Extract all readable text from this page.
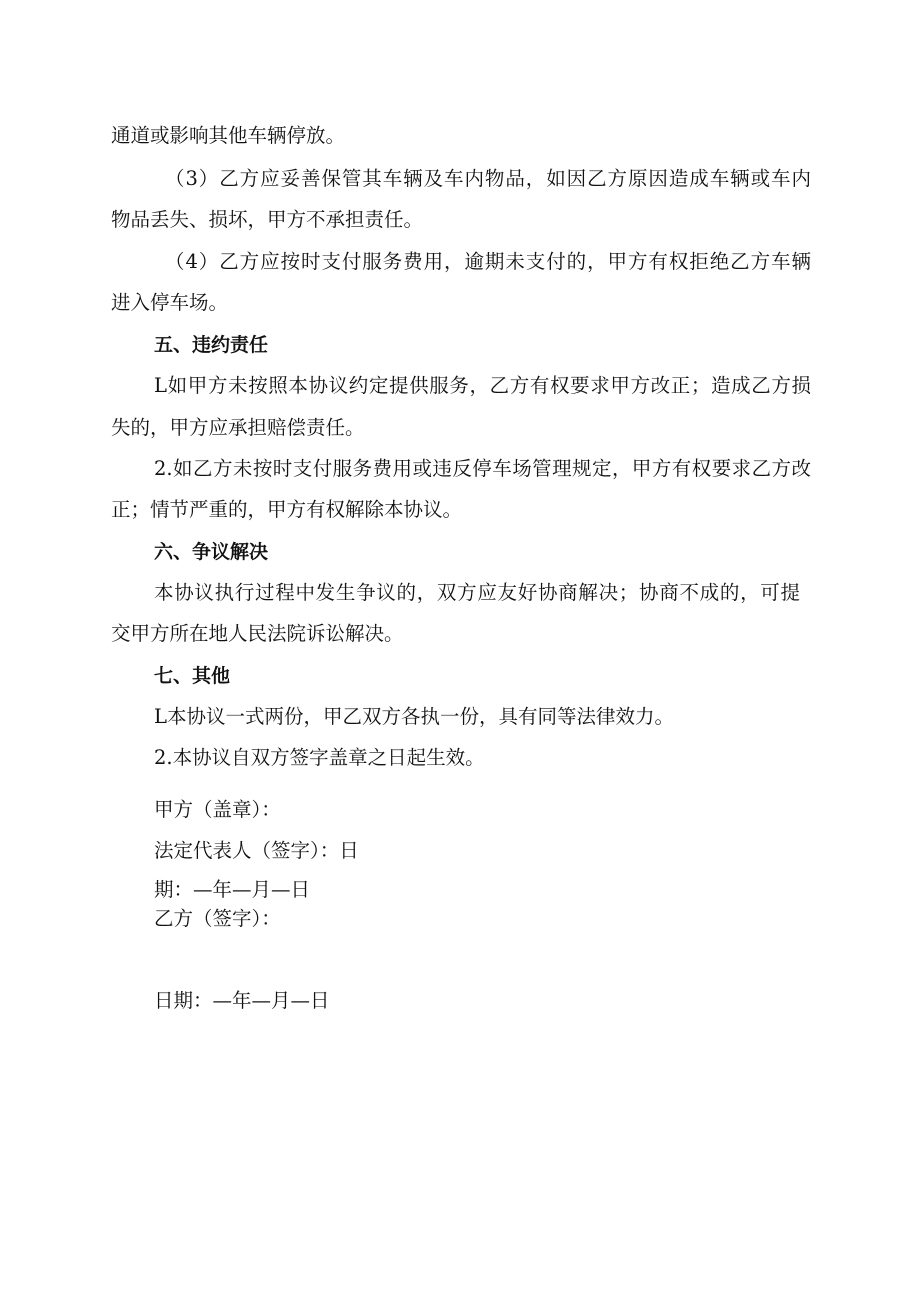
通道或影响其他车辆停放。
（3）乙方应妥善保管其车辆及车内物品，如因乙方原因造成车辆或车内
物品丢失、损坏，甲方不承担责任。
（4）乙方应按时支付服务费用，逾期未支付的，甲方有权拒绝乙方车辆
进入停车场。
五、违约责任
L如甲方未按照本协议约定提供服务，乙方有权要求甲方改正；造成乙方损
失的，甲方应承担赔偿责任。
2.如乙方未按时支付服务费用或违反停车场管理规定，甲方有权要求乙方改
正；情节严重的，甲方有权解除本协议。
六、争议解决
本协议执行过程中发生争议的，双方应友好协商解决；协商不成的，可提
交甲方所在地人民法院诉讼解决。
七、其他
L本协议一式两份，甲乙双方各执一份，具有同等法律效力。
2.本协议自双方签字盖章之日起生效。
甲方（盖章）：
法定代表人（签字）：日
期：—年—月—日
乙方（签字）：
日期：—年—月—日
